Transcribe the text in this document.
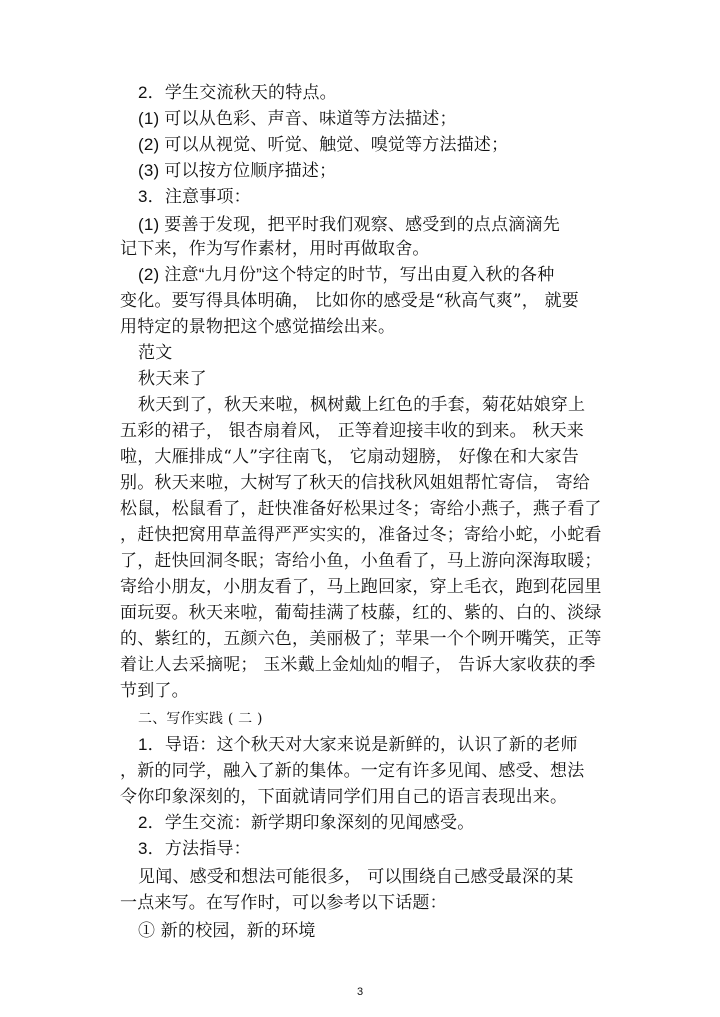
2．学生交流秋天的特点。
(1) 可以从色彩、声音、味道等方法描述；
(2) 可以从视觉、听觉、触觉、嗅觉等方法描述；
(3) 可以按方位顺序描述；
3．注意事项：
(1) 要善于发现，把平时我们观察、感受到的点点滴滴先
记下来，作为写作素材，用时再做取舍。
(2) 注意“九月份”这个特定的时节，写出由夏入秋的各种
变化。要写得具体明确， 比如你的感受是“秋高气爽”， 就要
用特定的景物把这个感觉描绘出来。
范文
秋天来了
秋天到了，秋天来啦，枫树戴上红色的手套，菊花姑娘穿上
五彩的裙子， 银杏扇着风， 正等着迎接丰收的到来。 秋天来
啦，大雁排成“人”字往南飞， 它扇动翅膀， 好像在和大家告
别。秋天来啦，大树写了秋天的信找秋风姐姐帮忙寄信， 寄给
松鼠，松鼠看了，赶快准备好松果过冬；寄给小燕子，燕子看了
，赶快把窝用草盖得严严实实的，准备过冬；寄给小蛇，小蛇看
了，赶快回洞冬眠；寄给小鱼，小鱼看了，马上游向深海取暖；
寄给小朋友，小朋友看了，马上跑回家，穿上毛衣，跑到花园里
面玩耍。秋天来啦，葡萄挂满了枝藤，红的、紫的、白的、淡绿
的、紫红的，五颜六色，美丽极了；苹果一个个咧开嘴笑，正等
着让人去采摘呢； 玉米戴上金灿灿的帽子， 告诉大家收获的季
节到了。
二、写作实践 ( 二 )
1．导语：这个秋天对大家来说是新鲜的，认识了新的老师
，新的同学，融入了新的集体。一定有许多见闻、感受、想法
令你印象深刻的，下面就请同学们用自己的语言表现出来。
2．学生交流：新学期印象深刻的见闻感受。
3．方法指导：
见闻、感受和想法可能很多， 可以围绕自己感受最深的某
一点来写。在写作时，可以参考以下话题：
① 新的校园，新的环境
3
